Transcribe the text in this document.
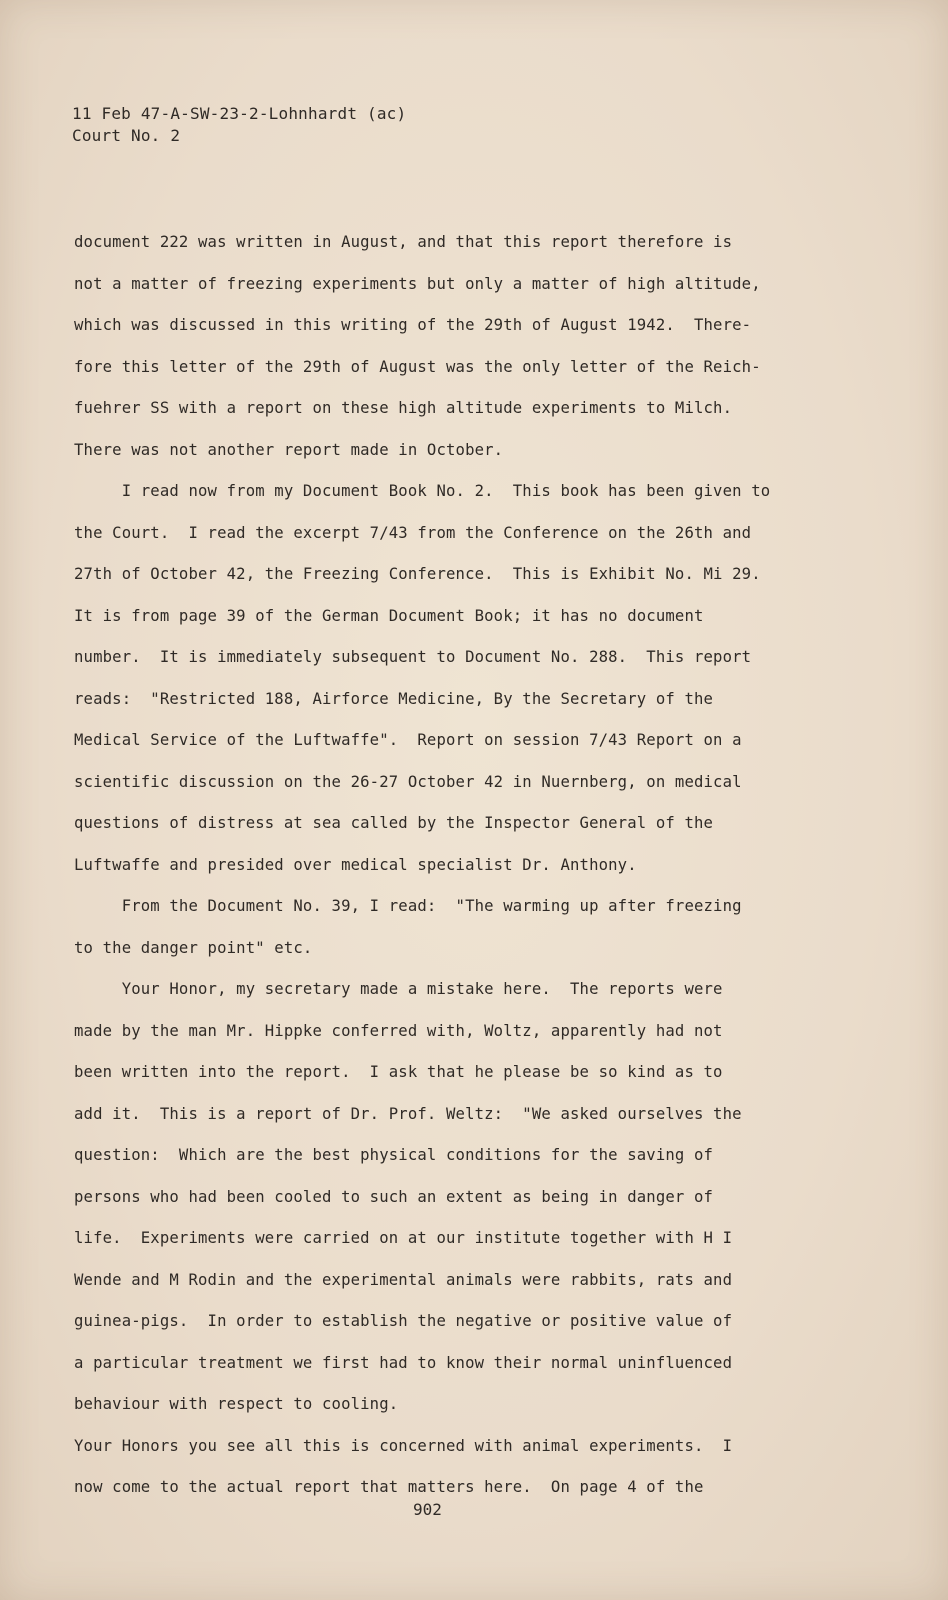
11 Feb 47-A-SW-23-2-Lohnhardt (ac)
Court No. 2
document 222 was written in August, and that this report therefore is
not a matter of freezing experiments but only a matter of high altitude,
which was discussed in this writing of the 29th of August 1942.  There-
fore this letter of the 29th of August was the only letter of the Reich-
fuehrer SS with a report on these high altitude experiments to Milch.
There was not another report made in October.
I read now from my Document Book No. 2.  This book has been given to
the Court.  I read the excerpt 7/43 from the Conference on the 26th and
27th of October 42, the Freezing Conference.  This is Exhibit No. Mi 29.
It is from page 39 of the German Document Book; it has no document
number.  It is immediately subsequent to Document No. 288.  This report
reads:  "Restricted 188, Airforce Medicine, By the Secretary of the
Medical Service of the Luftwaffe".  Report on session 7/43 Report on a
scientific discussion on the 26-27 October 42 in Nuernberg, on medical
questions of distress at sea called by the Inspector General of the
Luftwaffe and presided over medical specialist Dr. Anthony.
From the Document No. 39, I read:  "The warming up after freezing
to the danger point" etc.
Your Honor, my secretary made a mistake here.  The reports were
made by the man Mr. Hippke conferred with, Woltz, apparently had not
been written into the report.  I ask that he please be so kind as to
add it.  This is a report of Dr. Prof. Weltz:  "We asked ourselves the
question:  Which are the best physical conditions for the saving of
persons who had been cooled to such an extent as being in danger of
life.  Experiments were carried on at our institute together with H I
Wende and M Rodin and the experimental animals were rabbits, rats and
guinea-pigs.  In order to establish the negative or positive value of
a particular treatment we first had to know their normal uninfluenced
behaviour with respect to cooling.
Your Honors you see all this is concerned with animal experiments.  I
now come to the actual report that matters here.  On page 4 of the
902
